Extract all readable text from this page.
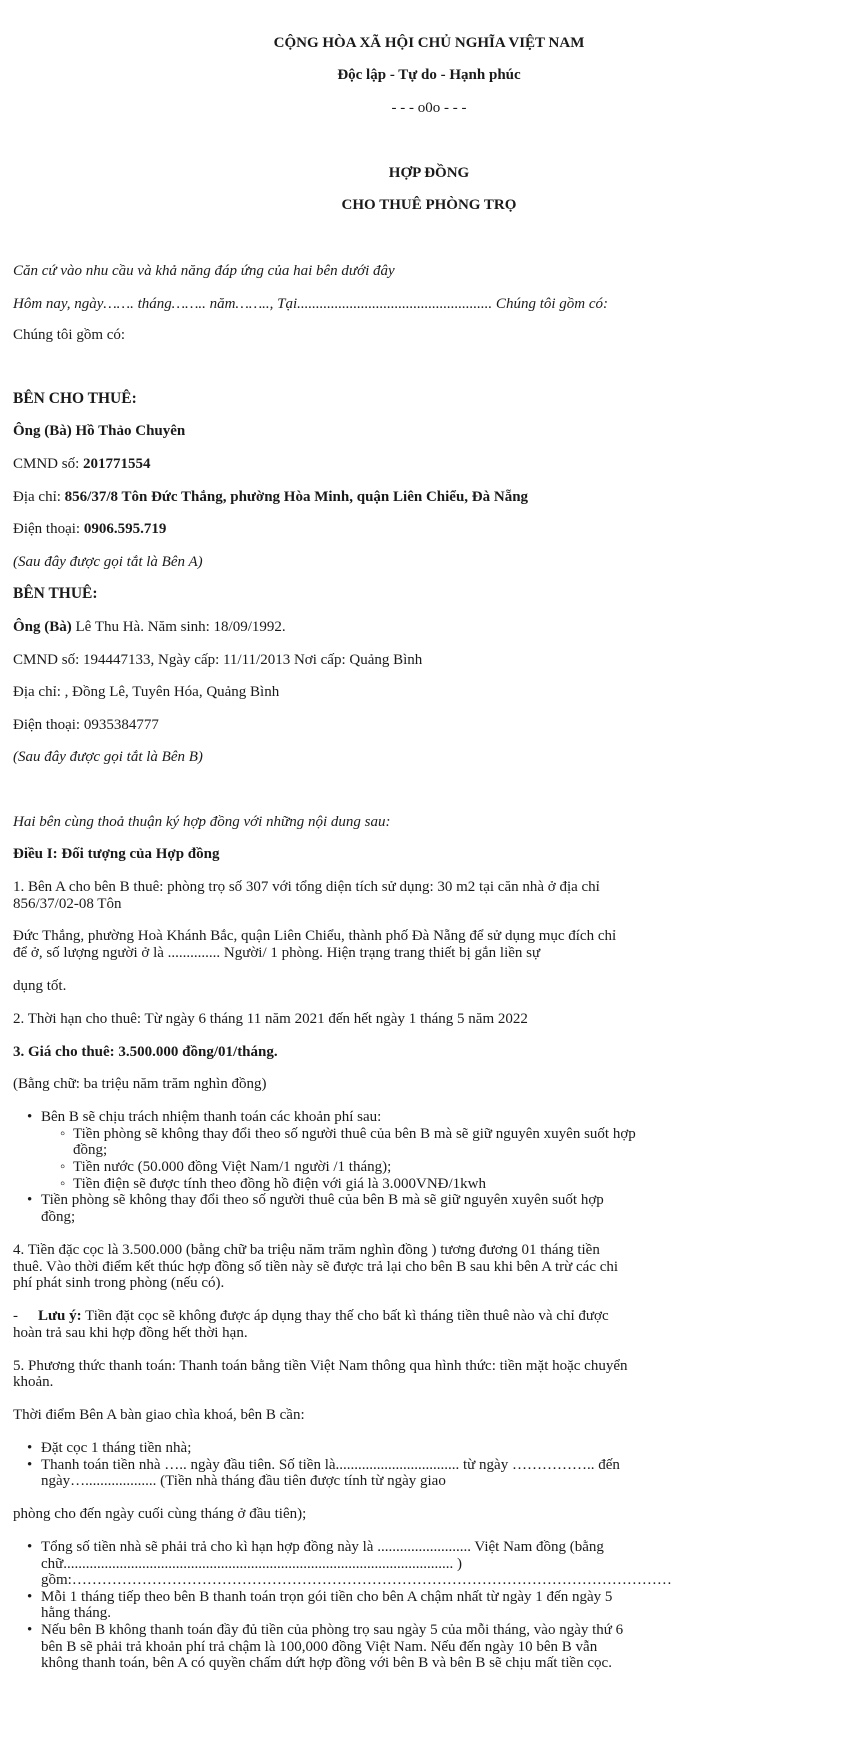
CỘNG HÒA XÃ HỘI CHỦ NGHĨA VIỆT NAM
Độc lập - Tự do - Hạnh phúc
- - - o0o - - -
HỢP ĐỒNG
CHO THUÊ PHÒNG TRỌ
Căn cứ vào nhu cầu và khả năng đáp ứng của hai bên dưới đây
Hôm nay, ngày……. tháng…….. năm…….., Tại.................................................... Chúng tôi gồm có:
Chúng tôi gồm có:
BÊN CHO THUÊ:
Ông (Bà) Hồ Thảo Chuyên
CMND số: 201771554
Địa chỉ: 856/37/8 Tôn Đức Thắng, phường Hòa Minh, quận Liên Chiểu, Đà Nẵng
Điện thoại: 0906.595.719
(Sau đây được gọi tắt là Bên A)
BÊN THUÊ:
Ông (Bà) Lê Thu Hà. Năm sinh: 18/09/1992.
CMND số: 194447133, Ngày cấp: 11/11/2013 Nơi cấp: Quảng Bình
Địa chỉ: , Đồng Lê, Tuyên Hóa, Quảng Bình
Điện thoại: 0935384777
(Sau đây được gọi tắt là Bên B)
Hai bên cùng thoả thuận ký hợp đồng với những nội dung sau:
Điều I: Đối tượng của Hợp đồng
1. Bên A cho bên B thuê: phòng trọ số 307 với tổng diện tích sử dụng: 30 m2 tại căn nhà ở địa chỉ
856/37/02-08 Tôn
Đức Thắng, phường Hoà Khánh Bắc, quận Liên Chiểu, thành phố Đà Nẵng để sử dụng mục đích chỉ
để ở, số lượng người ở là .............. Người/ 1 phòng. Hiện trạng trang thiết bị gắn liền sự
dụng tốt.
2. Thời hạn cho thuê: Từ ngày 6 tháng 11 năm 2021 đến hết ngày 1 tháng 5 năm 2022
3. Giá cho thuê: 3.500.000 đồng/01/tháng.
(Bằng chữ: ba triệu năm trăm nghìn đồng)
• Bên B sẽ chịu trách nhiệm thanh toán các khoản phí sau:
◦ Tiền phòng sẽ không thay đổi theo số người thuê của bên B mà sẽ giữ nguyên xuyên suốt hợp
đồng;
◦ Tiền nước (50.000 đồng Việt Nam/1 người /1 tháng);
◦ Tiền điện sẽ được tính theo đồng hồ điện với giá là 3.000VNĐ/1kwh
• Tiền phòng sẽ không thay đổi theo số người thuê của bên B mà sẽ giữ nguyên xuyên suốt hợp
đồng;
4. Tiền đặc cọc là 3.500.000 (bằng chữ ba triệu năm trăm nghìn đồng ) tương đương 01 tháng tiền
thuê. Vào thời điểm kết thúc hợp đồng số tiền này sẽ được trả lại cho bên B sau khi bên A trừ các chi
phí phát sinh trong phòng (nếu có).
- Lưu ý: Tiền đặt cọc sẽ không được áp dụng thay thế cho bất kì tháng tiền thuê nào và chỉ được
hoàn trả sau khi hợp đồng hết thời hạn.
5. Phương thức thanh toán: Thanh toán bằng tiền Việt Nam thông qua hình thức: tiền mặt hoặc chuyển
khoản.
Thời điểm Bên A bàn giao chìa khoá, bên B cần:
• Đặt cọc 1 tháng tiền nhà;
• Thanh toán tiền nhà ….. ngày đầu tiên. Số tiền là................................. từ ngày …………….. đến
ngày…................... (Tiền nhà tháng đầu tiên được tính từ ngày giao
phòng cho đến ngày cuối cùng tháng ở đầu tiên);
• Tổng số tiền nhà sẽ phải trả cho kì hạn hợp đồng này là ......................... Việt Nam đồng (bằng
chữ........................................................................................................ )
gồm:…………………………………………………………………………………………………………
• Mỗi 1 tháng tiếp theo bên B thanh toán trọn gói tiền cho bên A chậm nhất từ ngày 1 đến ngày 5
hằng tháng.
• Nếu bên B không thanh toán đầy đủ tiền của phòng trọ sau ngày 5 của mỗi tháng, vào ngày thứ 6
bên B sẽ phải trả khoản phí trả chậm là 100,000 đồng Việt Nam. Nếu đến ngày 10 bên B vẫn
không thanh toán, bên A có quyền chấm dứt hợp đồng với bên B và bên B sẽ chịu mất tiền cọc.
